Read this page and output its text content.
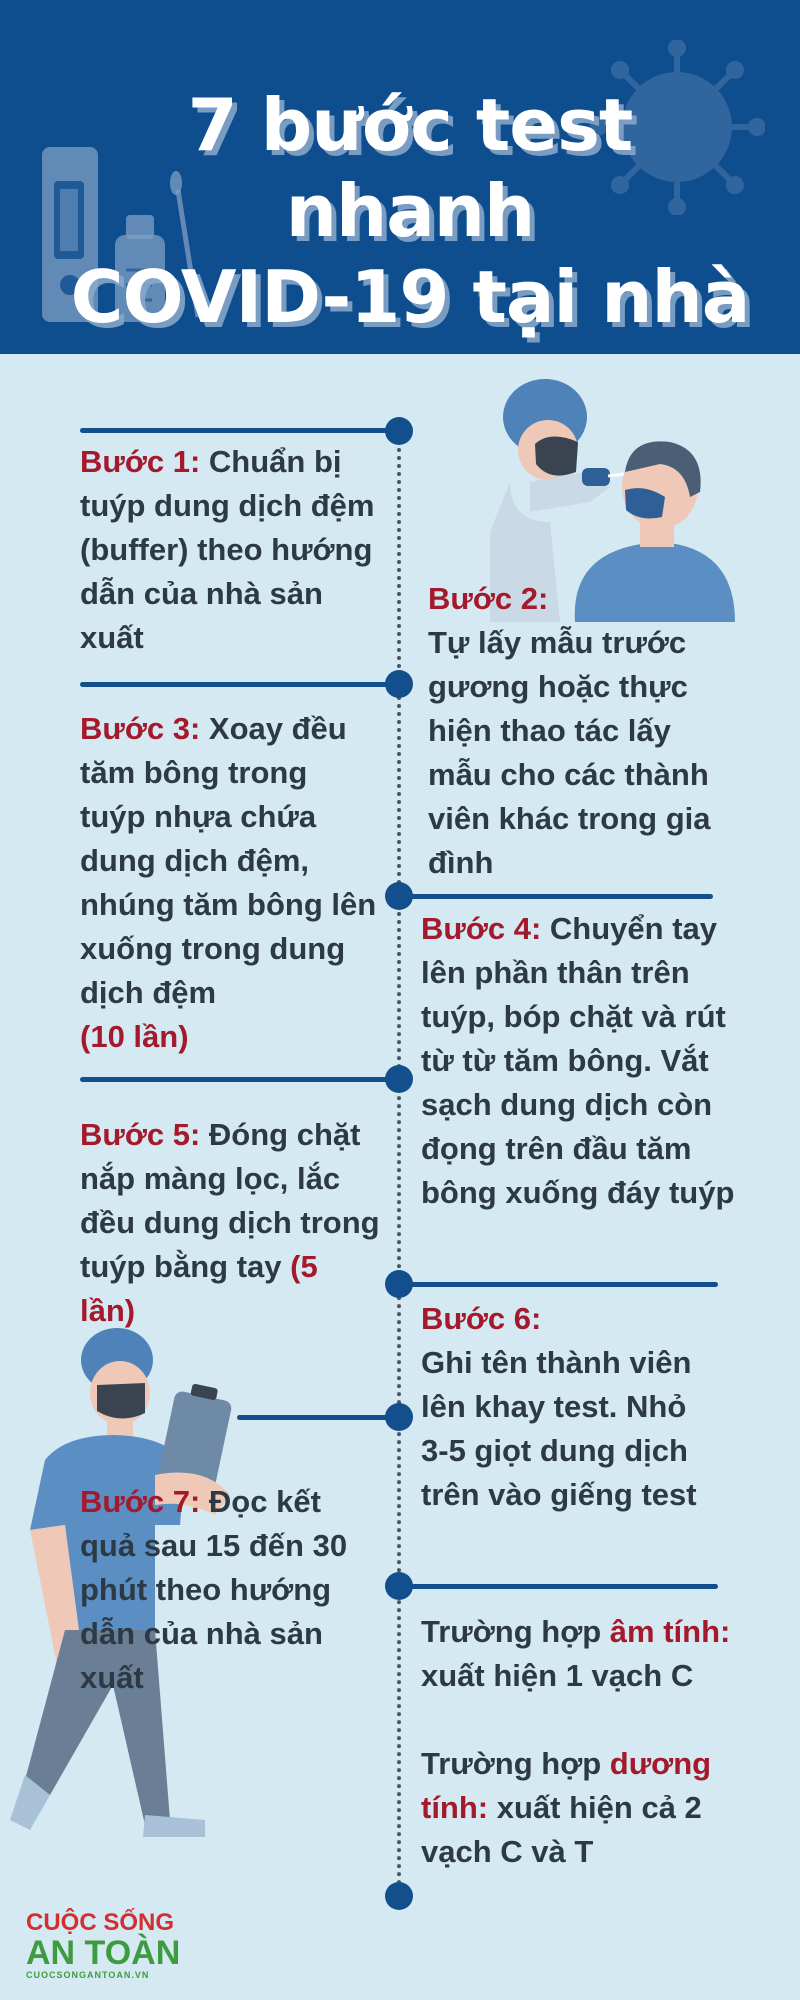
7 bước test nhanh
COVID-19 tại nhà

Bước 1: Chuẩn bị tuýp dung dịch đệm (buffer) theo hướng dẫn của nhà sản xuất

Bước 2:
Tự lấy mẫu trước gương hoặc thực hiện thao tác lấy mẫu cho các thành viên khác trong gia đình

Bước 3: Xoay đều tăm bông trong tuýp nhựa chứa dung dịch đệm, nhúng tăm bông lên xuống trong dung dịch đệm
(10 lần)

Bước 4: Chuyển tay lên phần thân trên tuýp, bóp chặt và rút từ từ tăm bông. Vắt sạch dung dịch còn đọng trên đầu tăm bông xuống đáy tuýp

Bước 5: Đóng chặt nắp màng lọc, lắc đều dung dịch trong tuýp bằng tay (5 lần)	Bước 6:
Ghi tên thành viên lên khay test. Nhỏ 3-5 giọt dung dịch trên vào giếng test

Bước 7: Đọc kết quả sau 15 đến 30 phút theo hướng dẫn của nhà sản xuất

Trường hợp âm tính: xuất hiện 1 vạch C

Trường hợp dương tính: xuất hiện cả 2 vạch C và T

CUỘC SỐNG
AN TOÀN
CUOCSONGANTOAN.VN
